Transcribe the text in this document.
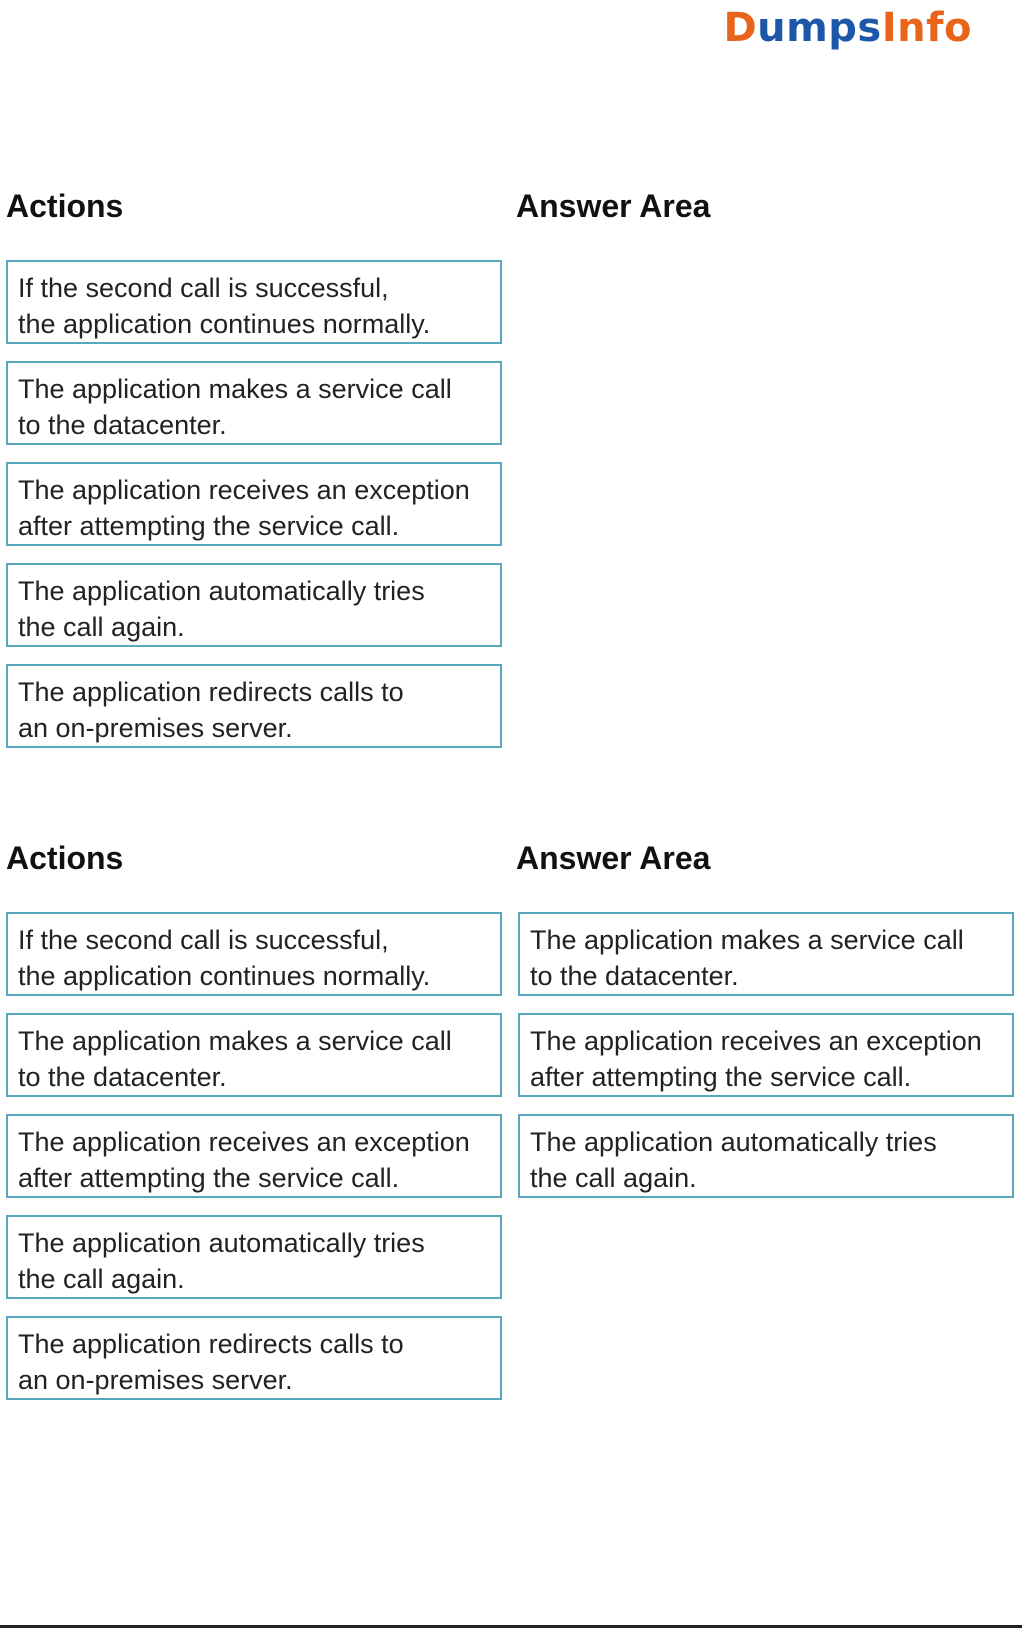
DumpsInfo
Actions	Answer Area
If the second call is successful,
the application continues normally.
The application makes a service call
to the datacenter.
The application receives an exception
after attempting the service call.
The application automatically tries
the call again.
The application redirects calls to
an on-premises server.
Actions	Answer Area
If the second call is successful,
the application continues normally.
The application makes a service call
to the datacenter.
The application receives an exception
after attempting the service call.
The application automatically tries
the call again.
The application redirects calls to
an on-premises server.
The application makes a service call
to the datacenter.
The application receives an exception
after attempting the service call.
The application automatically tries
the call again.
